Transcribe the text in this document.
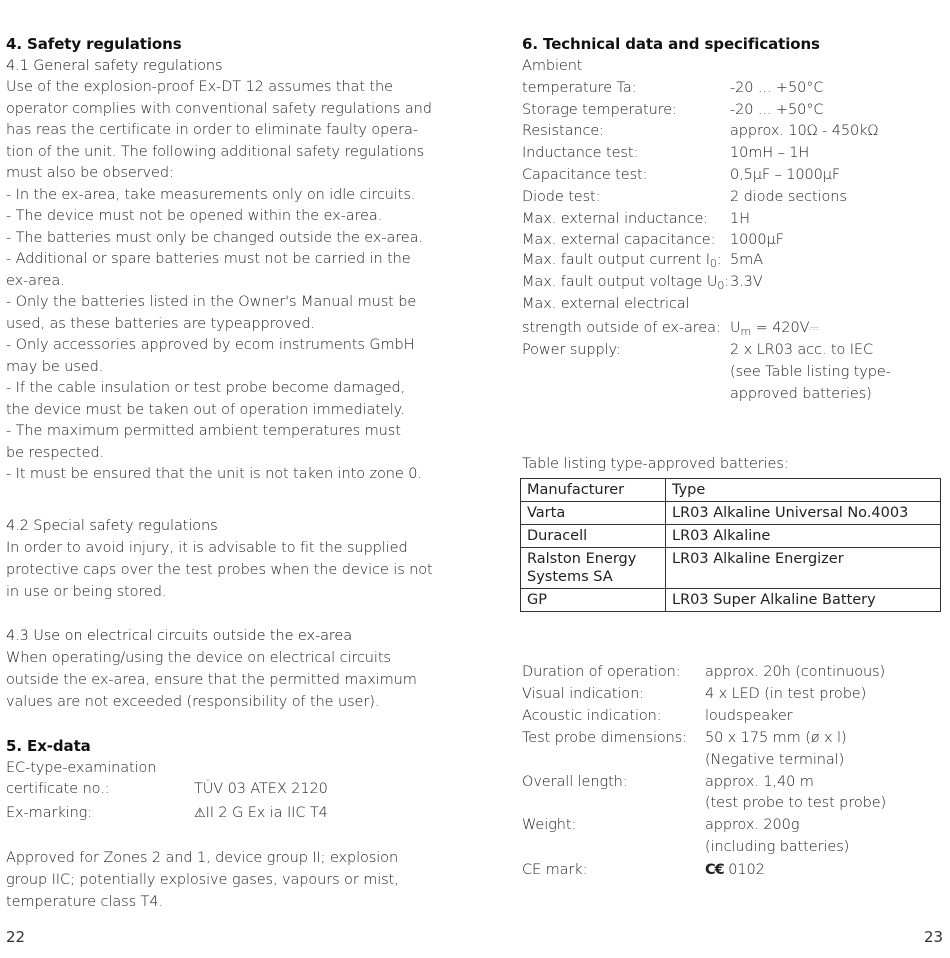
4. Safety regulations
4.1 General safety regulations
Use of the explosion-proof Ex-DT 12 assumes that the
operator complies with conventional safety regulations and
has reas the certificate in order to eliminate faulty opera-
tion of the unit. The following additional safety regulations
must also be observed:
- In the ex-area, take measurements only on idle circuits.
- The device must not be opened within the ex-area.
- The batteries must only be changed outside the ex-area.
- Additional or spare batteries must not be carried in the
ex-area.
- Only the batteries listed in the Owner's Manual must be
used, as these batteries are typeapproved.
- Only accessories approved by ecom instruments GmbH
may be used.
- If the cable insulation or test probe become damaged,
the device must be taken out of operation immediately.
- The maximum permitted ambient temperatures must
be respected.
- It must be ensured that the unit is not taken into zone 0.
4.2 Special safety regulations
In order to avoid injury, it is advisable to fit the supplied
protective caps over the test probes when the device is not
in use or being stored.
4.3 Use on electrical circuits outside the ex-area
When operating/using the device on electrical circuits
outside the ex-area, ensure that the permitted maximum
values are not exceeded (responsibility of the user).
5. Ex-data
EC-type-examination
certificate no.:	TÜV 03 ATEX 2120
Ex-marking:	⚠II 2 G Ex ia IIC T4
Approved for Zones 2 and 1, device group II; explosion
group IIC; potentially explosive gases, vapours or mist,
temperature class T4.
22
6. Technical data and specifications
Ambient
temperature Ta:	-20 ... +50°C
Storage temperature:	-20 ... +50°C
Resistance:	approx. 10Ω - 450kΩ
Inductance test:	10mH – 1H
Capacitance test:	0,5µF – 1000µF
Diode test:	2 diode sections
Max. external inductance: 1H
Max. external capacitance: 1000µF
Max. fault output current $I_0$: 5mA
Max. fault output voltage $U_0$: 3.3V
Max. external electrical
strength outside of ex-area: $U_m$ = 420V⎓
Power supply:	2 x LR03 acc. to IEC
(see Table listing type-
approved batteries)
Table listing type-approved batteries:
Manufacturer	Type
Varta	LR03 Alkaline Universal No.4003
Duracell	LR03 Alkaline
Ralston Energy Systems SA	LR03 Alkaline Energizer
GP	LR03 Super Alkaline Battery
Duration of operation: approx. 20h (continuous)
Visual indication:	4 x LED (in test probe)
Acoustic indication:	loudspeaker
Test probe dimensions: 50 x 175 mm (ø x l)
(Negative terminal)
Overall length:	approx. 1,40 m
(test probe to test probe)
Weight:	approx. 200g
(including batteries)
CE mark:	C€ 0102
23
